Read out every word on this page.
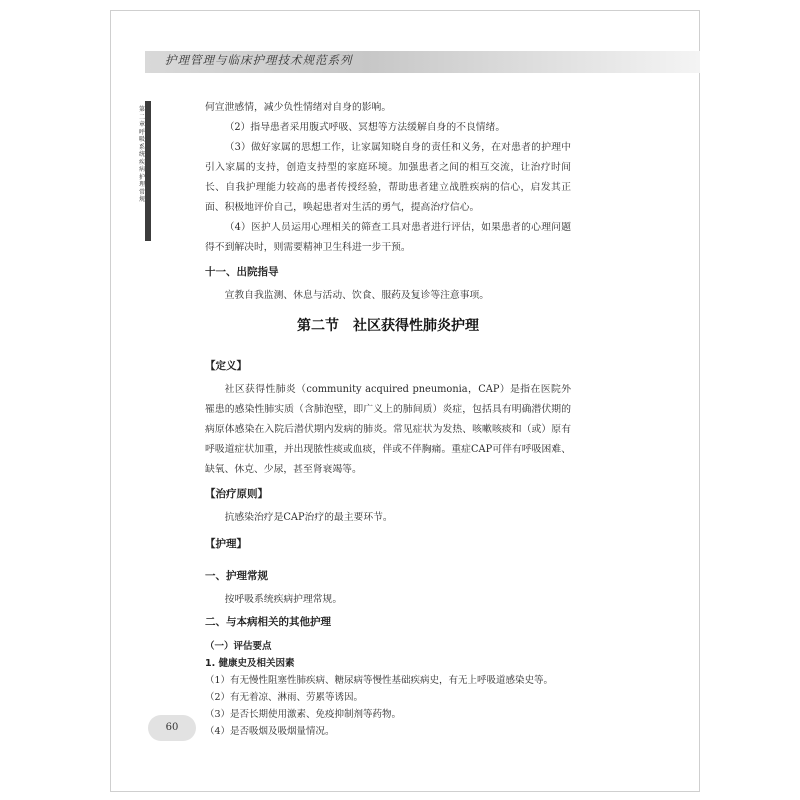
护理管理与临床护理技术规范系列
第二章 呼吸系统疾病护理常规

何宣泄感情，减少负性情绪对自身的影响。

（2）指导患者采用腹式呼吸、冥想等方法缓解自身的不良情绪。

（3）做好家属的思想工作，让家属知晓自身的责任和义务，在对患者的护理中引入家属的支持，创造支持型的家庭环境。加强患者之间的相互交流，让治疗时间长、自我护理能力较高的患者传授经验，帮助患者建立战胜疾病的信心，启发其正面、积极地评价自己，唤起患者对生活的勇气，提高治疗信心。

（4）医护人员运用心理相关的筛查工具对患者进行评估，如果患者的心理问题得不到解决时，则需要精神卫生科进一步干预。

十一、出院指导

宣教自我监测、休息与活动、饮食、服药及复诊等注意事项。

第二节　社区获得性肺炎护理

【定义】

社区获得性肺炎（community acquired pneumonia，CAP）是指在医院外罹患的感染性肺实质（含肺泡壁，即广义上的肺间质）炎症，包括具有明确潜伏期的病原体感染在入院后潜伏期内发病的肺炎。常见症状为发热、咳嗽咳痰和（或）原有呼吸道症状加重，并出现脓性痰或血痰，伴或不伴胸痛。重症CAP可伴有呼吸困难、缺氧、休克、少尿，甚至肾衰竭等。

【治疗原则】

抗感染治疗是CAP治疗的最主要环节。

【护理】

一、护理常规

按呼吸系统疾病护理常规。

二、与本病相关的其他护理

（一）评估要点

1. 健康史及相关因素

（1）有无慢性阻塞性肺疾病、糖尿病等慢性基础疾病史，有无上呼吸道感染史等。

（2）有无着凉、淋雨、劳累等诱因。

（3）是否长期使用激素、免疫抑制剂等药物。

（4）是否吸烟及吸烟量情况。

60
